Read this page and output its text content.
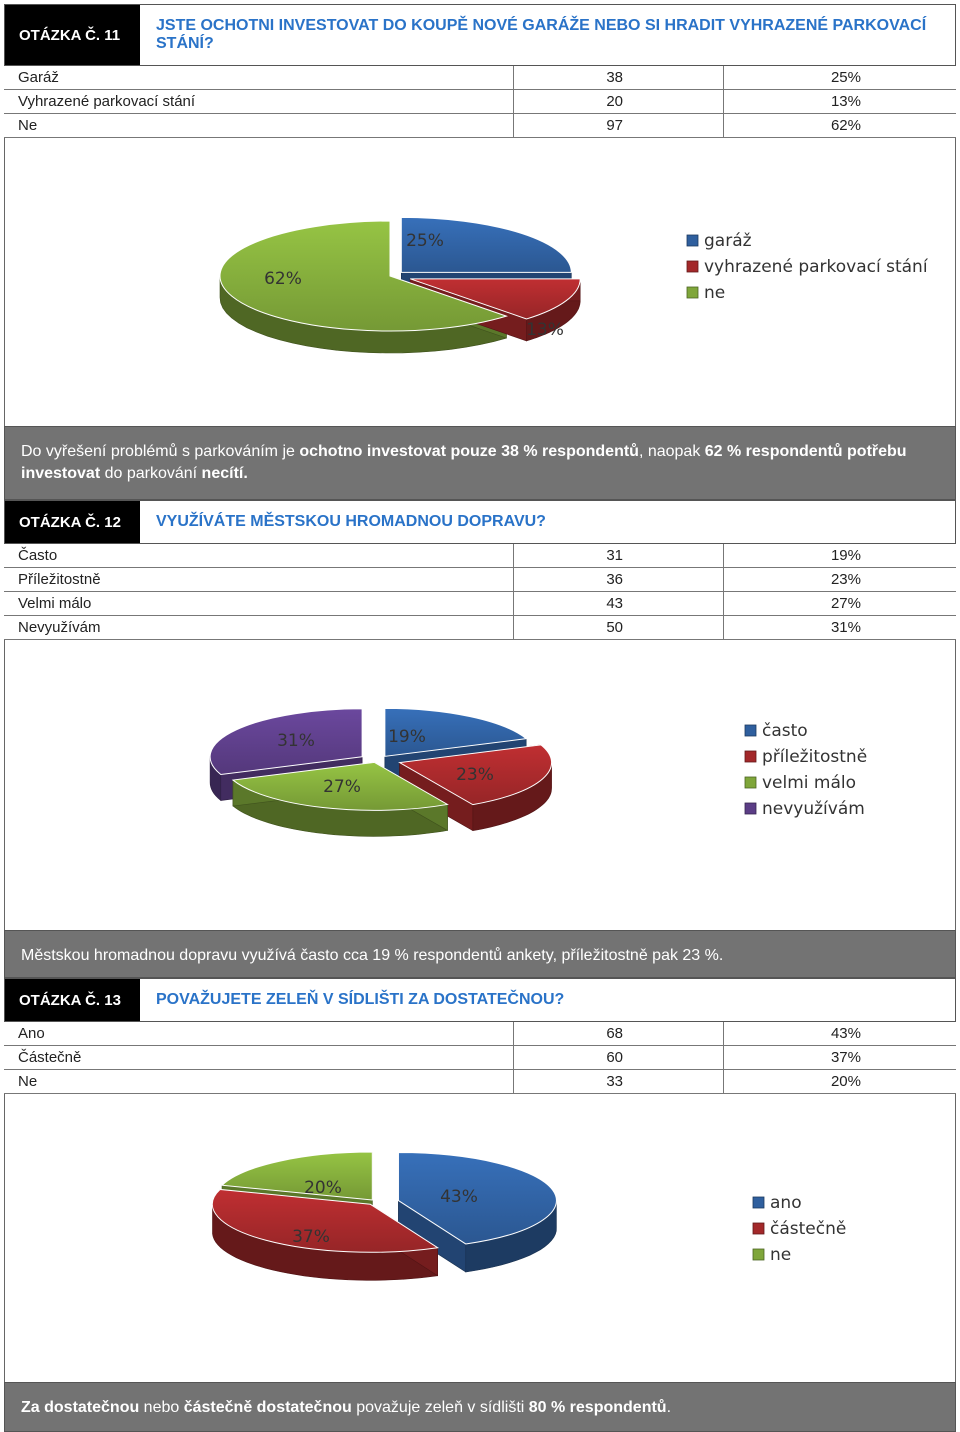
OTÁZKA Č. 11
JSTE OCHOTNI INVESTOVAT DO KOUPĚ NOVÉ GARÁŽE NEBO SI HRADIT VYHRAZENÉ PARKOVACÍ STÁNÍ?
Garáž	38	25%
Vyhrazené parkovací stání	20	13%
Ne	97	62%
25%
13%
62%
garáž
vyhrazené parkovací stání
ne
Do vyřešení problémů s parkováním je ochotno investovat pouze 38 % respondentů, naopak 62 % respondentů potřebu investovat do parkování necítí.
OTÁZKA Č. 12	VYUŽÍVÁTE MĚSTSKOU HROMADNOU DOPRAVU?
Často	31	19%
Příležitostně	36	23%
Velmi málo	43	27%
Nevyužívám	50	31%
19%
23%
27%
31%	často
příležitostně
velmi málo
nevyužívám
Městskou hromadnou dopravu využívá často cca 19 % respondentů ankety, příležitostně pak 23 %.
OTÁZKA Č. 13	POVAŽUJETE ZELEŇ V SÍDLIŠTI ZA DOSTATEČNOU?
Ano	68	43%
Částečně	60	37%
Ne	33	20%
43%
37%
20%
ano
částečně
ne
Za dostatečnou nebo částečně dostatečnou považuje zeleň v sídlišti 80 % respondentů.
